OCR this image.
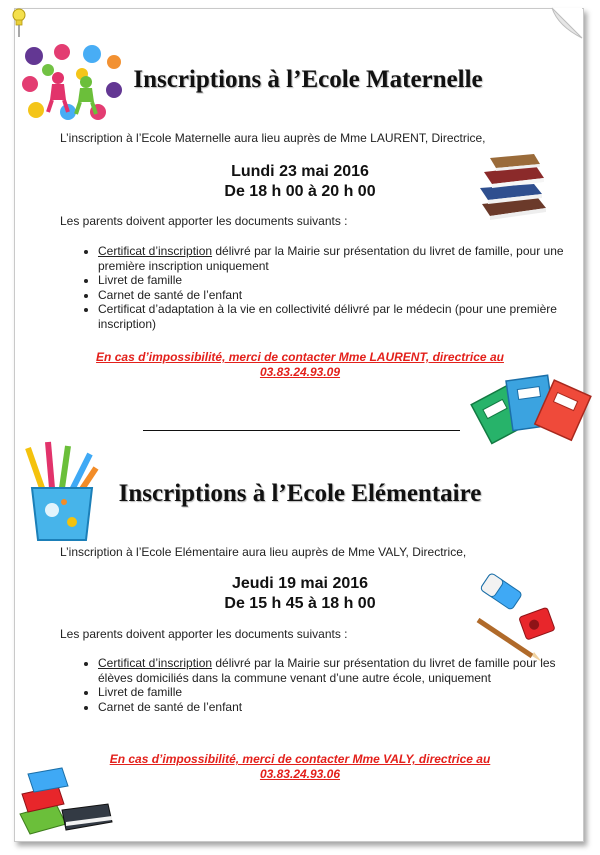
Inscriptions à l’Ecole Maternelle
L’inscription à l’Ecole Maternelle aura lieu auprès de Mme LAURENT, Directrice,
Lundi 23 mai 2016
De 18 h 00 à 20 h 00
Les parents doivent apporter les documents suivants :
• Certificat d’inscription délivré par la Mairie sur présentation du livret de famille, pour une première inscription uniquement
• Livret de famille
• Carnet de santé de l’enfant
• Certificat d’adaptation à la vie en collectivité délivré par le médecin (pour une première inscription)
En cas d’impossibilité, merci de contacter Mme LAURENT, directrice au
03.83.24.93.09
Inscriptions à l’Ecole Elémentaire
L’inscription à l’Ecole Elémentaire aura lieu auprès de Mme VALY, Directrice,
Jeudi 19 mai 2016
De 15 h 45 à 18 h 00
Les parents doivent apporter les documents suivants :
• Certificat d’inscription délivré par la Mairie sur présentation du livret de famille pour les élèves domiciliés dans la commune venant d’une autre école, uniquement
• Livret de famille
• Carnet de santé de l’enfant
En cas d’impossibilité, merci de contacter Mme VALY, directrice au
03.83.24.93.06
